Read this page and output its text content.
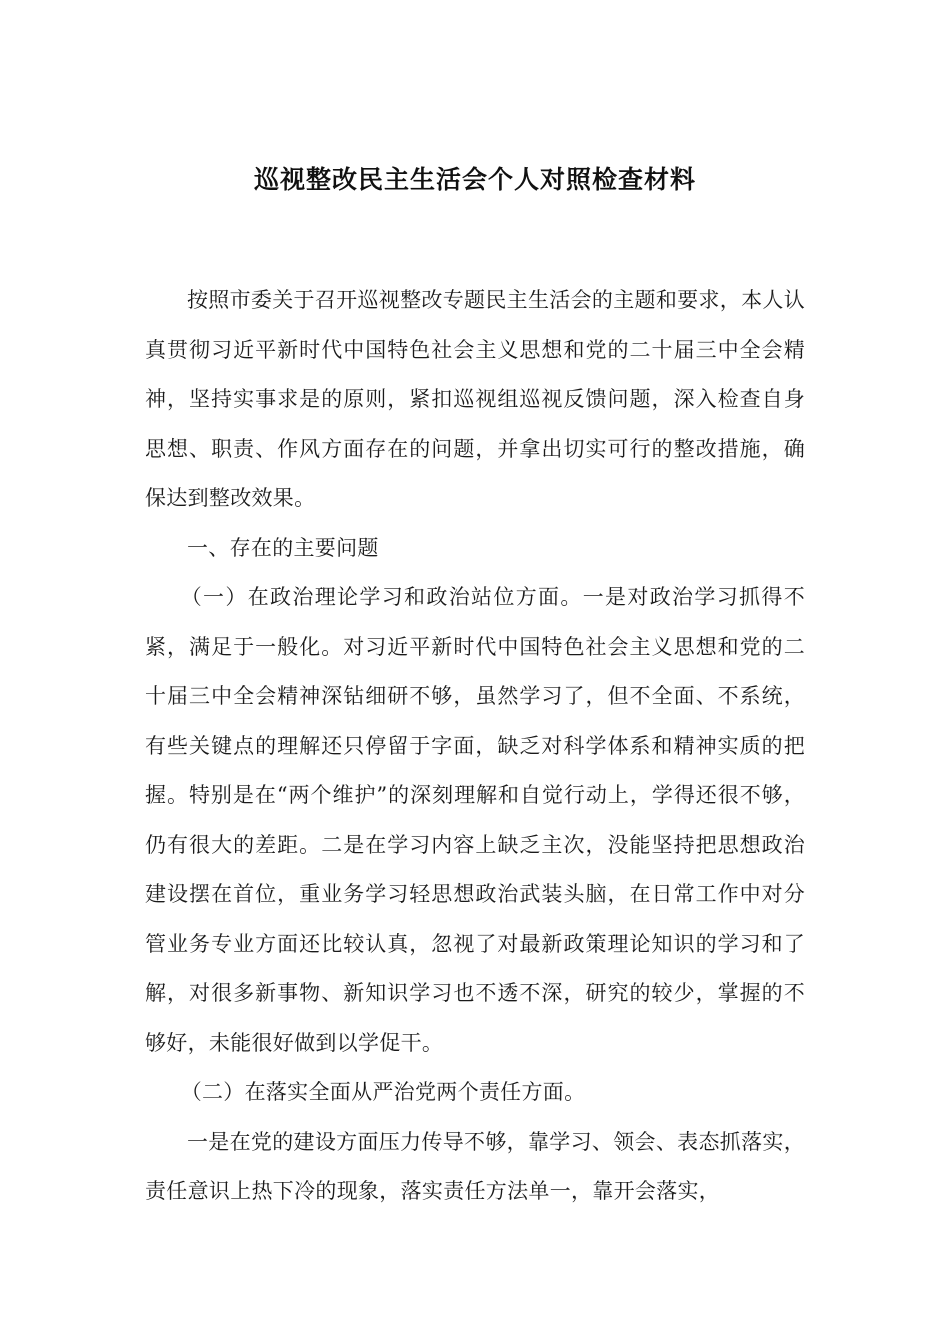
巡视整改民主生活会个人对照检查材料

按照市委关于召开巡视整改专题民主生活会的主题和要求，本人认真贯彻习近平新时代中国特色社会主义思想和党的二十届三中全会精神，坚持实事求是的原则，紧扣巡视组巡视反馈问题，深入检查自身思想、职责、作风方面存在的问题，并拿出切实可行的整改措施，确保达到整改效果。

一、存在的主要问题

（一）在政治理论学习和政治站位方面。一是对政治学习抓得不紧，满足于一般化。对习近平新时代中国特色社会主义思想和党的二十届三中全会精神深钻细研不够，虽然学习了，但不全面、不系统，有些关键点的理解还只停留于字面，缺乏对科学体系和精神实质的把握。特别是在“两个维护”的深刻理解和自觉行动上，学得还很不够，仍有很大的差距。二是在学习内容上缺乏主次，没能坚持把思想政治建设摆在首位，重业务学习轻思想政治武装头脑，在日常工作中对分管业务专业方面还比较认真，忽视了对最新政策理论知识的学习和了解，对很多新事物、新知识学习也不透不深，研究的较少，掌握的不够好，未能很好做到以学促干。

（二）在落实全面从严治党两个责任方面。

一是在党的建设方面压力传导不够，靠学习、领会、表态抓落实，责任意识上热下冷的现象，落实责任方法单一，靠开会落实，
